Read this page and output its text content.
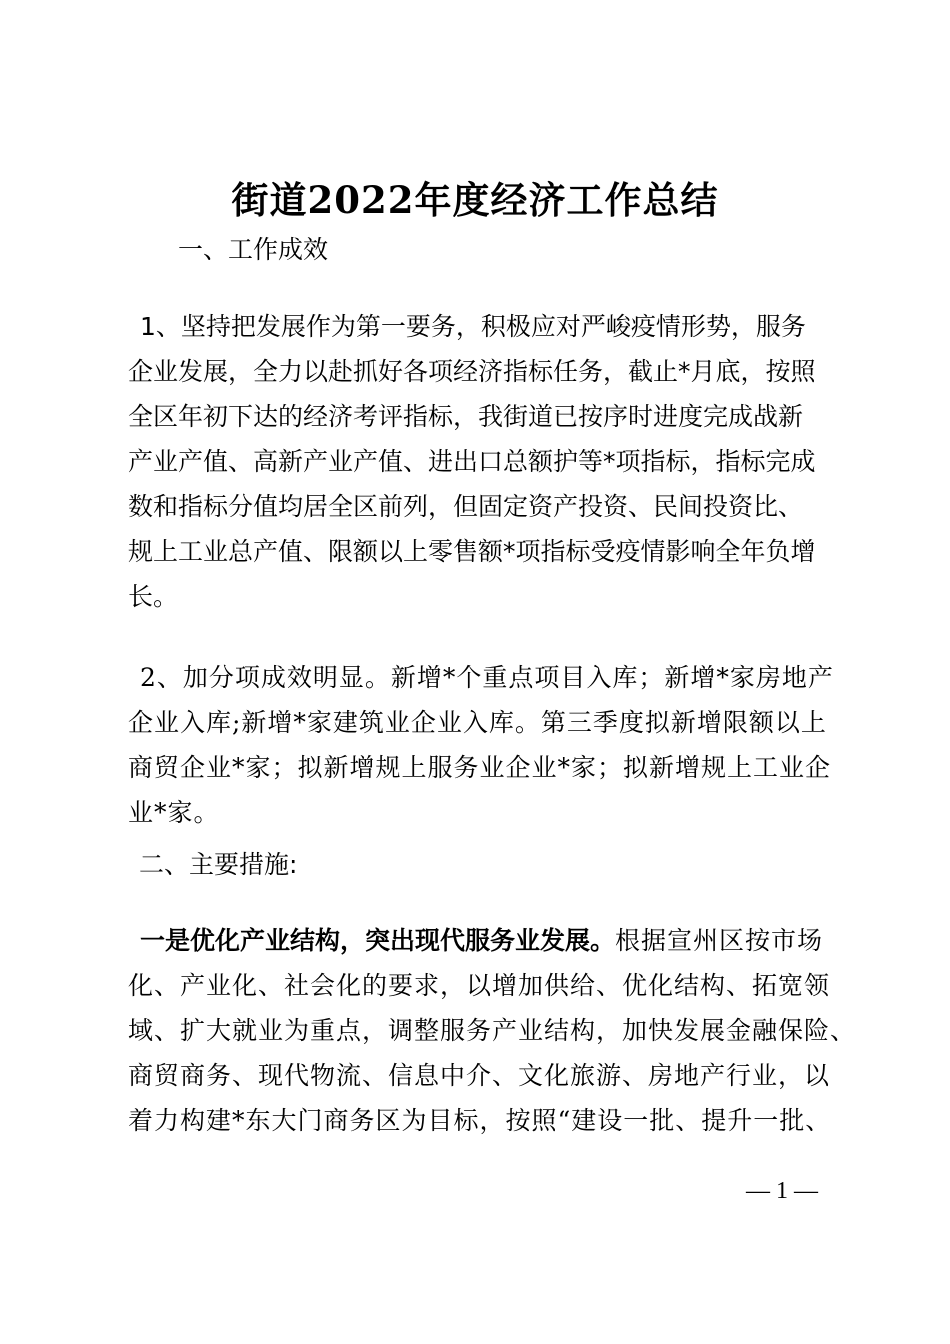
街道2022年度经济工作总结
一、工作成效

1、坚持把发展作为第一要务，积极应对严峻疫情形势，服务
企业发展，全力以赴抓好各项经济指标任务，截止*月底，按照
全区年初下达的经济考评指标，我街道已按序时进度完成战新
产业产值、高新产业产值、进出口总额护等*项指标，指标完成
数和指标分值均居全区前列，但固定资产投资、民间投资比、
规上工业总产值、限额以上零售额*项指标受疫情影响全年负增
长。

2、加分项成效明显。新增*个重点项目入库；新增*家房地产
企业入库;新增*家建筑业企业入库。第三季度拟新增限额以上
商贸企业*家；拟新增规上服务业企业*家；拟新增规上工业企
业*家。

二、主要措施:

一是优化产业结构，突出现代服务业发展。根据宣州区按市场
化、产业化、社会化的要求，以增加供给、优化结构、拓宽领
域、扩大就业为重点，调整服务产业结构，加快发展金融保险、
商贸商务、现代物流、信息中介、文化旅游、房地产行业，以
着力构建*东大门商务区为目标，按照“建设一批、提升一批、

— 1 —
